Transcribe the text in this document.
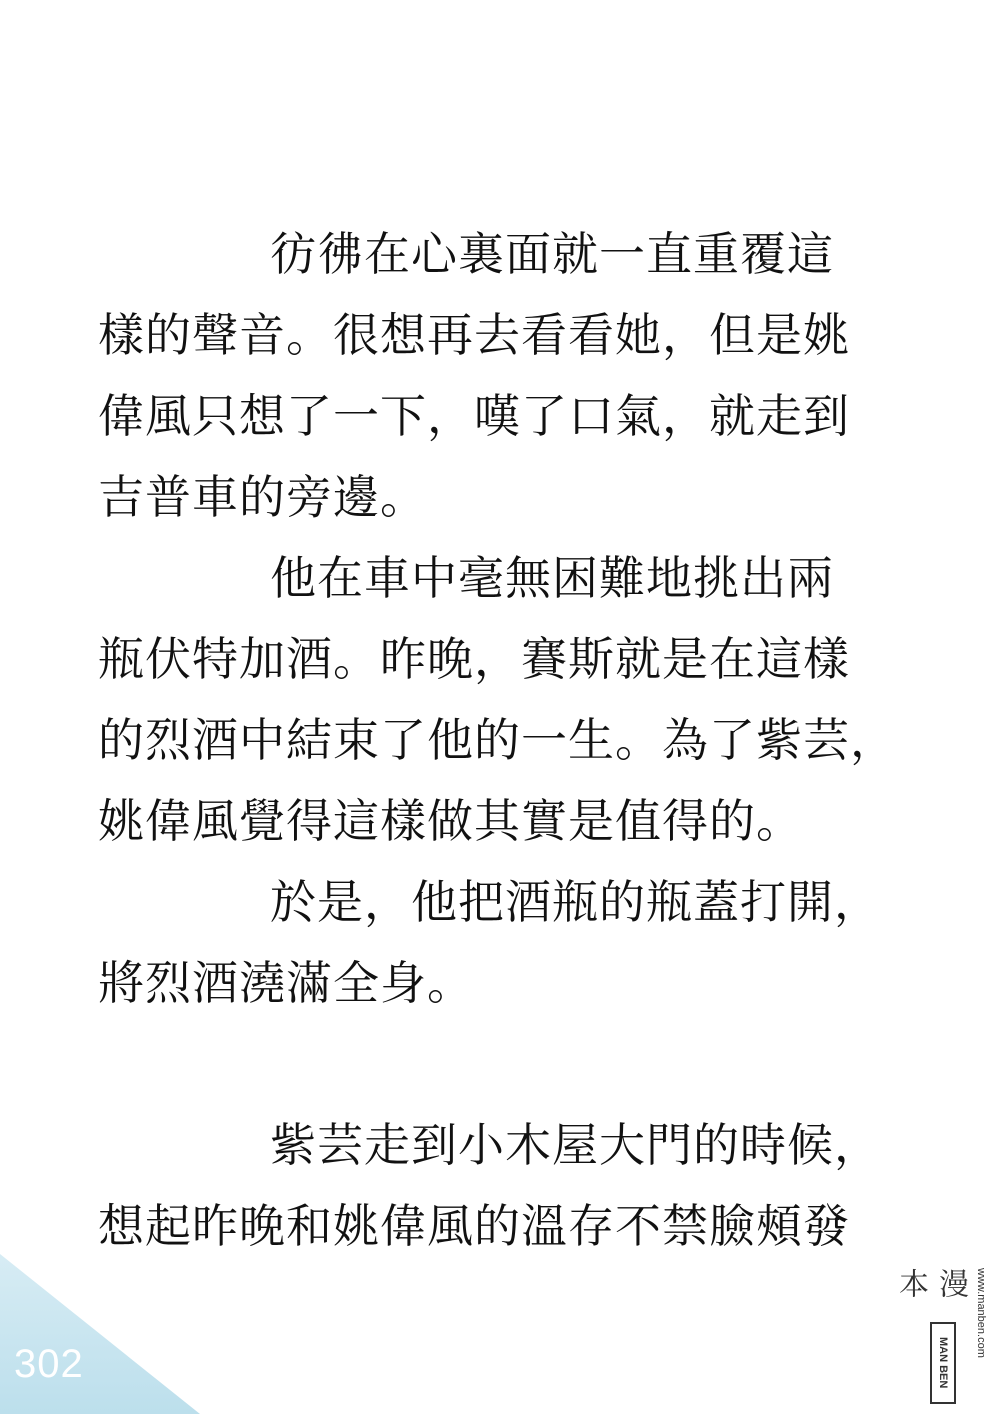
彷彿在心裏面就一直重覆這
樣的聲音。很想再去看看她，但是姚
偉風只想了一下，嘆了口氣，就走到
吉普車的旁邊。
他在車中毫無困難地挑出兩
瓶伏特加酒。昨晚，賽斯就是在這樣
的烈酒中結束了他的一生。為了紫芸，
姚偉風覺得這樣做其實是值得的。
於是，他把酒瓶的瓶蓋打開，
將烈酒澆滿全身。
紫芸走到小木屋大門的時候，
想起昨晚和姚偉風的溫存不禁臉頰發
302
漫本
MAN BEN
www.manben.com
